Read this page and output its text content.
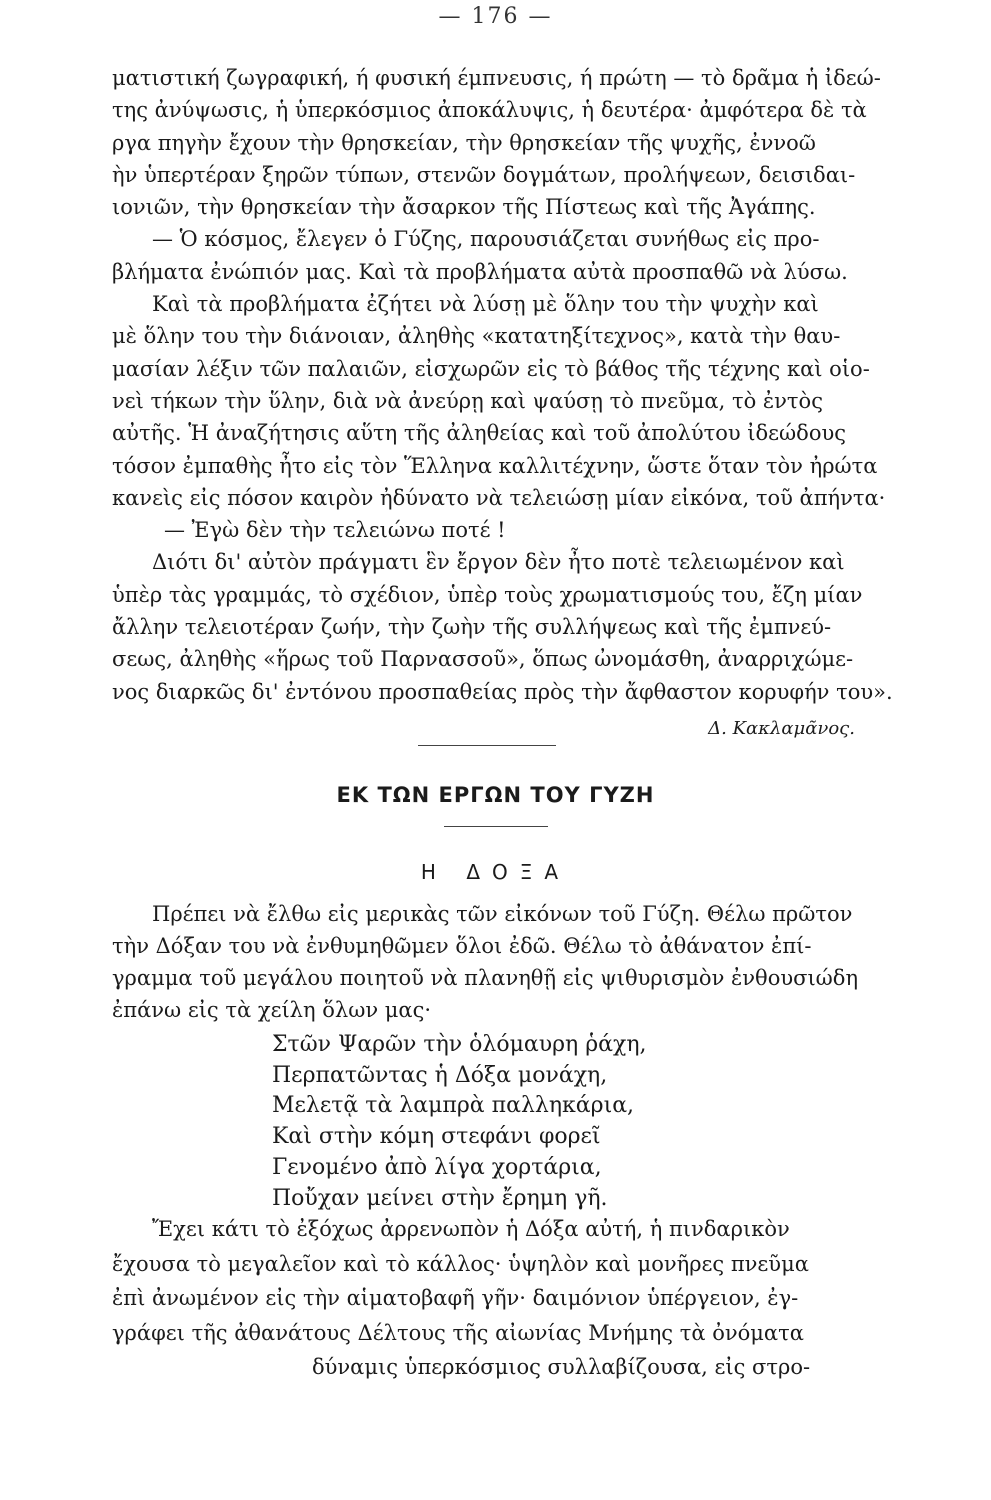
— 176 —
ματιστική ζωγραφική, ή φυσική έμπνευσις, ή πρώτη — τὸ δρᾶμα ἡ ἰδεώ-
της ἀνύψωσις, ἡ ὑπερκόσμιος ἀποκάλυψις, ἡ δευτέρα· ἀμφότερα δὲ τὰ
ργα πηγὴν ἔχουν τὴν θρησκείαν, τὴν θρησκείαν τῆς ψυχῆς, ἐννοῶ
ὴν ὑπερτέραν ξηρῶν τύπων, στενῶν δογμάτων, προλήψεων, δεισιδαι-
ιονιῶν, τὴν θρησκείαν τὴν ἄσαρκον τῆς Πίστεως καὶ τῆς Ἀγάπης.
— Ὁ κόσμος, ἔλεγεν ὁ Γύζης, παρουσιάζεται συνήθως εἰς προ-
βλήματα ἐνώπιόν μας. Καὶ τὰ προβλήματα αὐτὰ προσπαθῶ νὰ λύσω.
Καὶ τὰ προβλήματα ἐζήτει νὰ λύσῃ μὲ ὅλην του τὴν ψυχὴν καὶ
μὲ ὅλην του τὴν διάνοιαν, ἀληθὴς «κατατηξίτεχνος», κατὰ τὴν θαυ-
μασίαν λέξιν τῶν παλαιῶν, εἰσχωρῶν εἰς τὸ βάθος τῆς τέχνης καὶ οἱο-
νεὶ τήκων τὴν ὕλην, διὰ νὰ ἀνεύρῃ καὶ ψαύσῃ τὸ πνεῦμα, τὸ ἐντὸς
αὐτῆς. Ἡ ἀναζήτησις αὕτη τῆς ἀληθείας καὶ τοῦ ἀπολύτου ἰδεώδους
τόσον ἐμπαθὴς ἦτο εἰς τὸν Ἕλληνα καλλιτέχνην, ὥστε ὅταν τὸν ἠρώτα
κανεὶς εἰς πόσον καιρὸν ἠδύνατο νὰ τελειώσῃ μίαν εἰκόνα, τοῦ ἀπήντα·
— Ἐγὼ δὲν τὴν τελειώνω ποτέ !
Διότι δι' αὐτὸν πράγματι ἓν ἔργον δὲν ἦτο ποτὲ τελειωμένον καὶ
ὑπὲρ τὰς γραμμάς, τὸ σχέδιον, ὑπὲρ τοὺς χρωματισμούς του, ἔζη μίαν
ἄλλην τελειοτέραν ζωήν, τὴν ζωὴν τῆς συλλήψεως καὶ τῆς ἐμπνεύ-
σεως, ἀληθὴς «ἥρως τοῦ Παρνασσοῦ», ὅπως ὠνομάσθη, ἀναρριχώμε-
νος διαρκῶς δι' ἐντόνου προσπαθείας πρὸς τὴν ἄφθαστον κορυφήν του».
Δ. Κακλαμᾶνος.
ΕΚ ΤΩΝ ΕΡΓΩΝ ΤΟΥ ΓΥΖΗ
Η ΔΟΞΑ
Πρέπει νὰ ἔλθω εἰς μερικὰς τῶν εἰκόνων τοῦ Γύζη. Θέλω πρῶτον
τὴν Δόξαν του νὰ ἐνθυμηθῶμεν ὅλοι ἐδῶ. Θέλω τὸ ἀθάνατον ἐπί-
γραμμα τοῦ μεγάλου ποιητοῦ νὰ πλανηθῇ εἰς ψιθυρισμὸν ἐνθουσιώδη
ἐπάνω εἰς τὰ χείλη ὅλων μας·
Στῶν Ψαρῶν τὴν ὁλόμαυρη ῥάχη,
Περπατῶντας ἡ Δόξα μονάχη,
Μελετᾷ τὰ λαμπρὰ παλληκάρια,
Καὶ στὴν κόμη στεφάνι φορεῖ
Γενομένο ἀπὸ λίγα χορτάρια,
Ποὔχαν μείνει στὴν ἔρημη γῆ.
Ἔχει κάτι τὸ ἐξόχως ἀρρενωπὸν ἡ Δόξα αὐτή, ἡ πινδαρικὸν
ἔχουσα τὸ μεγαλεῖον καὶ τὸ κάλλος· ὑψηλὸν καὶ μονῆρες πνεῦμα
ἐπὶ ἀνωμένον εἰς τὴν αἱματοβαφῆ γῆν· δαιμόνιον ὑπέργειον, ἐγ-
γράφει τῆς ἀθανάτους Δέλτους τῆς αἰωνίας Μνήμης τὰ ὀνόματα
δύναμις ὑπερκόσμιος συλλαβίζουσα, εἰς στρο-
